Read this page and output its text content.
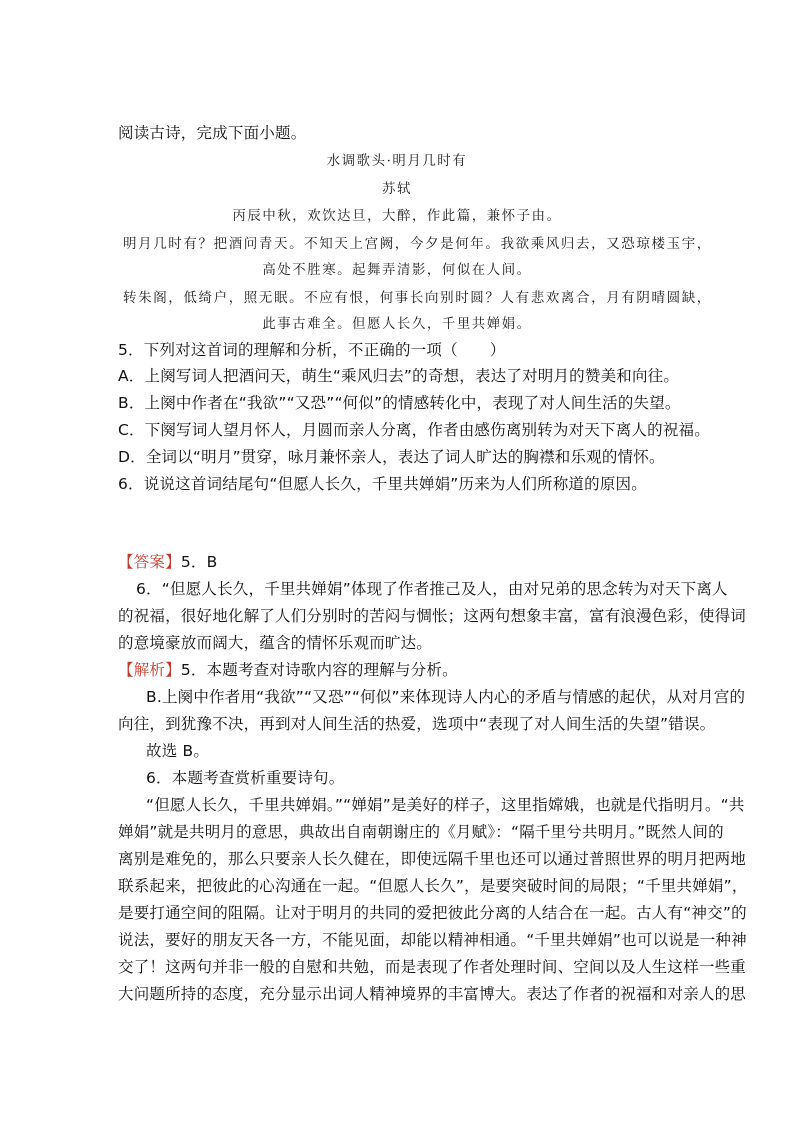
阅读古诗，完成下面小题。
水调歌头·明月几时有
苏轼
丙辰中秋，欢饮达旦，大醉，作此篇，兼怀子由。
明月几时有？把酒问青天。不知天上宫阙，今夕是何年。我欲乘风归去，又恐琼楼玉宇，
高处不胜寒。起舞弄清影，何似在人间。
转朱阁，低绮户，照无眠。不应有恨，何事长向别时圆？人有悲欢离合，月有阴晴圆缺，
此事古难全。但愿人长久，千里共婵娟。
5．下列对这首词的理解和分析，不正确的一项（ ）
A．上阕写词人把酒问天，萌生“乘风归去”的奇想，表达了对明月的赞美和向往。
B．上阕中作者在“我欲”“又恐”“何似”的情感转化中，表现了对人间生活的失望。
C．下阕写词人望月怀人，月圆而亲人分离，作者由感伤离别转为对天下离人的祝福。
D．全词以“明月”贯穿，咏月兼怀亲人，表达了词人旷达的胸襟和乐观的情怀。
6．说说这首词结尾句“但愿人长久，千里共婵娟”历来为人们所称道的原因。
【答案】5．B
6．“但愿人长久，千里共婵娟”体现了作者推己及人，由对兄弟的思念转为对天下离人
的祝福，很好地化解了人们分别时的苦闷与惆怅；这两句想象丰富，富有浪漫色彩，使得词
的意境豪放而阔大，蕴含的情怀乐观而旷达。
【解析】5．本题考查对诗歌内容的理解与分析。
B.上阕中作者用“我欲”“又恐”“何似”来体现诗人内心的矛盾与情感的起伏，从对月宫的
向往，到犹豫不决，再到对人间生活的热爱，选项中“表现了对人间生活的失望”错误。
故选 B。
6．本题考查赏析重要诗句。
“但愿人长久，千里共婵娟。”“婵娟”是美好的样子，这里指嫦娥，也就是代指明月。“共
婵娟”就是共明月的意思，典故出自南朝谢庄的《月赋》：“隔千里兮共明月。”既然人间的
离别是难免的，那么只要亲人长久健在，即使远隔千里也还可以通过普照世界的明月把两地
联系起来，把彼此的心沟通在一起。“但愿人长久”，是要突破时间的局限；“千里共婵娟”，
是要打通空间的阻隔。让对于明月的共同的爱把彼此分离的人结合在一起。古人有“神交”的
说法，要好的朋友天各一方，不能见面，却能以精神相通。“千里共婵娟”也可以说是一种神
交了！这两句并非一般的自慰和共勉，而是表现了作者处理时间、空间以及人生这样一些重
大问题所持的态度，充分显示出词人精神境界的丰富博大。表达了作者的祝福和对亲人的思
